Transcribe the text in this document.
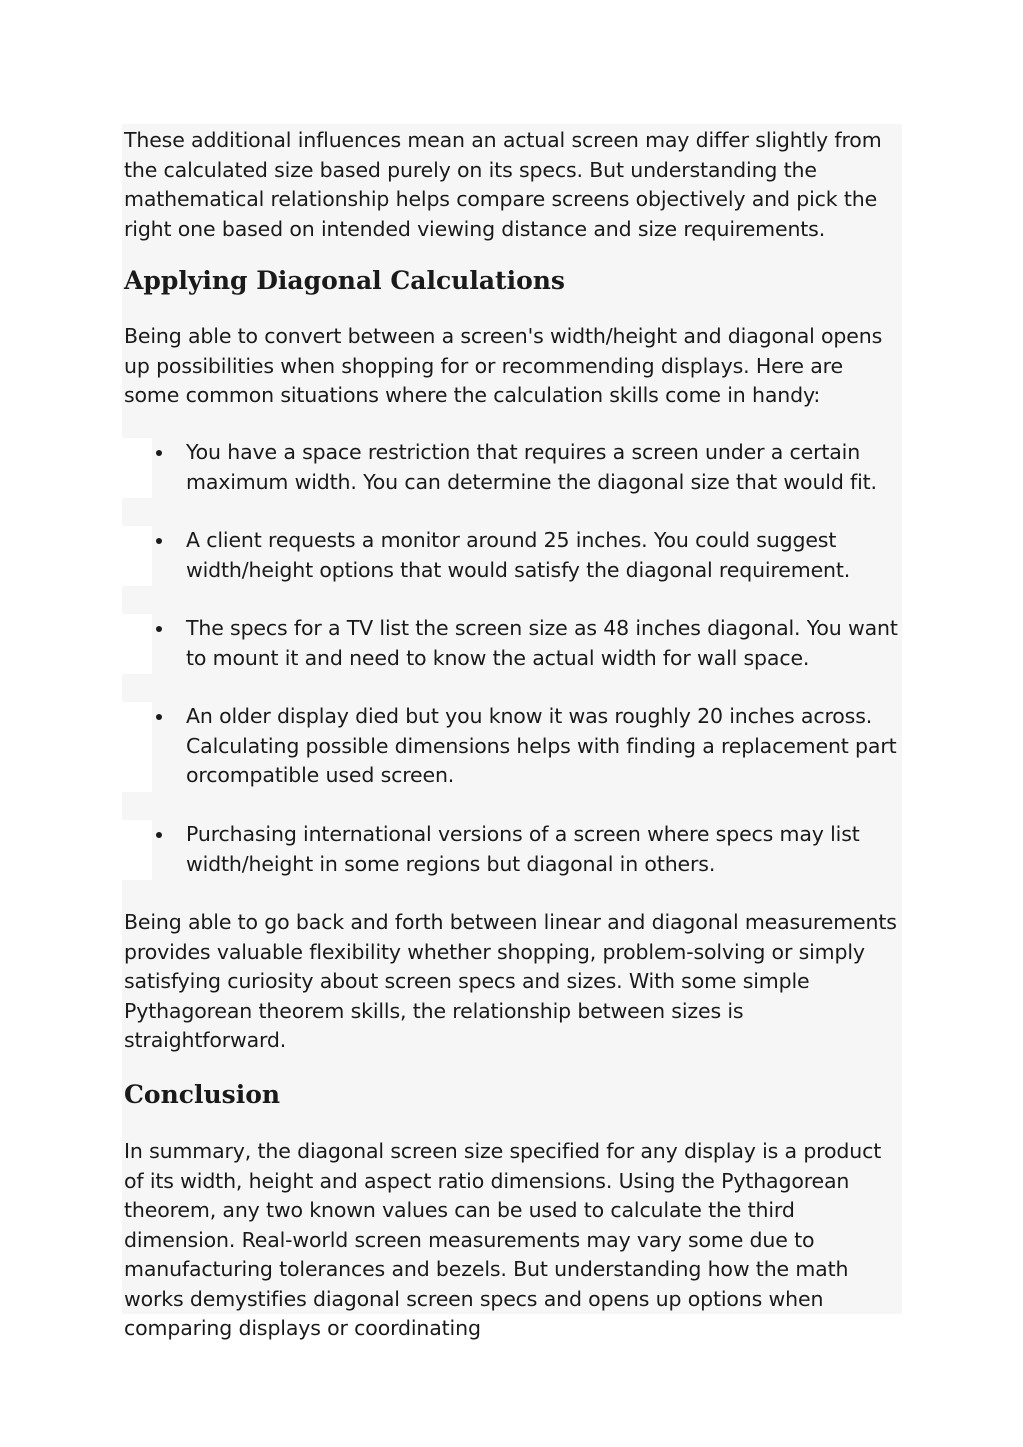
These additional influences mean an actual screen may differ slightly from the calculated size based purely on its specs. But understanding the mathematical relationship helps compare screens objectively and pick the right one based on intended viewing distance and size requirements.

Applying Diagonal Calculations

Being able to convert between a screen's width/height and diagonal opens up possibilities when shopping for or recommending displays. Here are some common situations where the calculation skills come in handy:

You have a space restriction that requires a screen under a certain maximum width. You can determine the diagonal size that would fit.

A client requests a monitor around 25 inches. You could suggest width/height options that would satisfy the diagonal requirement.

The specs for a TV list the screen size as 48 inches diagonal. You want to mount it and need to know the actual width for wall space.

An older display died but you know it was roughly 20 inches across. Calculating possible dimensions helps with finding a replacement part orcompatible used screen.

Purchasing international versions of a screen where specs may list width/height in some regions but diagonal in others.

Being able to go back and forth between linear and diagonal measurements provides valuable flexibility whether shopping, problem-solving or simply satisfying curiosity about screen specs and sizes. With some simple Pythagorean theorem skills, the relationship between sizes is straightforward.

Conclusion

In summary, the diagonal screen size specified for any display is a product of its width, height and aspect ratio dimensions. Using the Pythagorean theorem, any two known values can be used to calculate the third dimension. Real-world screen measurements may vary some due to manufacturing tolerances and bezels. But understanding how the math works demystifies diagonal screen specs and opens up options when comparing displays or coordinating
